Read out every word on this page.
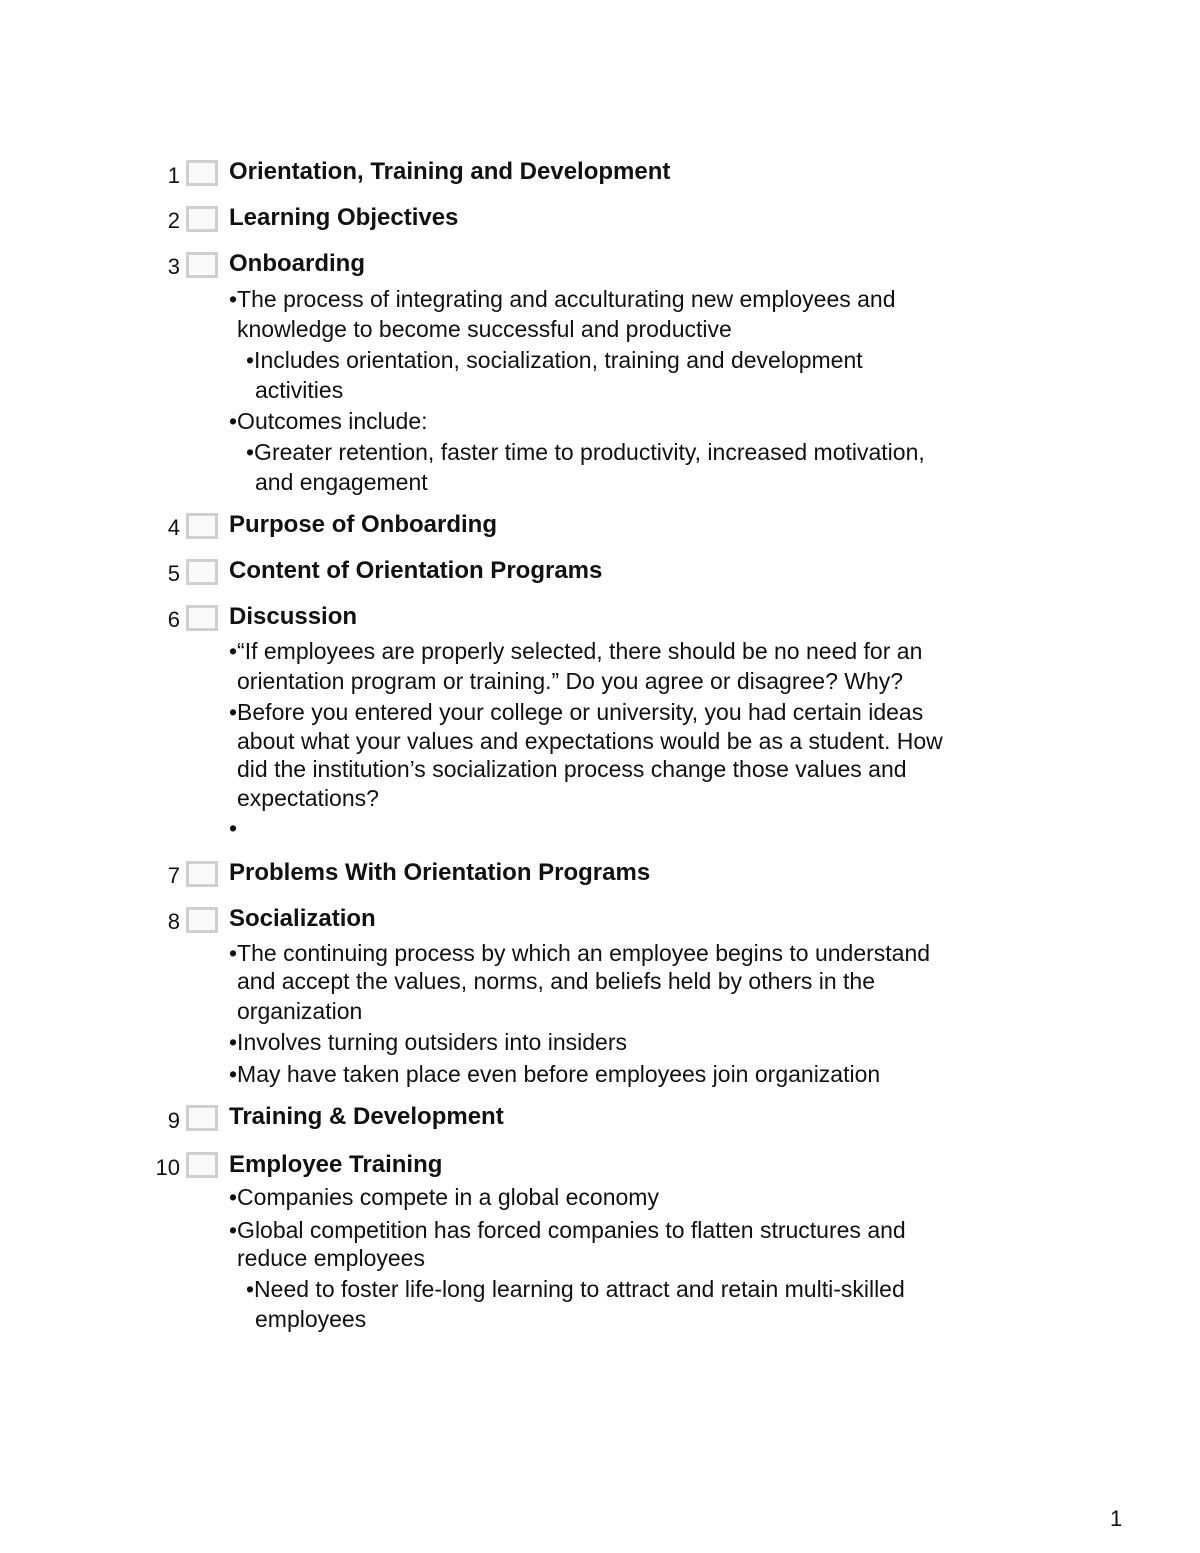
1 Orientation, Training and Development
2 Learning Objectives
3 Onboarding
•The process of integrating and acculturating new employees and
knowledge to become successful and productive
•Includes orientation, socialization, training and development
activities
•Outcomes include:
•Greater retention, faster time to productivity, increased motivation,
and engagement
4 Purpose of Onboarding
5 Content of Orientation Programs
6 Discussion
•“If employees are properly selected, there should be no need for an
orientation program or training.” Do you agree or disagree? Why?
•Before you entered your college or university, you had certain ideas
about what your values and expectations would be as a student. How
did the institution’s socialization process change those values and
expectations?
•
7 Problems With Orientation Programs
8 Socialization
•The continuing process by which an employee begins to understand
and accept the values, norms, and beliefs held by others in the
organization
•Involves turning outsiders into insiders
•May have taken place even before employees join organization
9 Training & Development
10 Employee Training
•Companies compete in a global economy
•Global competition has forced companies to flatten structures and
reduce employees
•Need to foster life-long learning to attract and retain multi-skilled
employees
1
